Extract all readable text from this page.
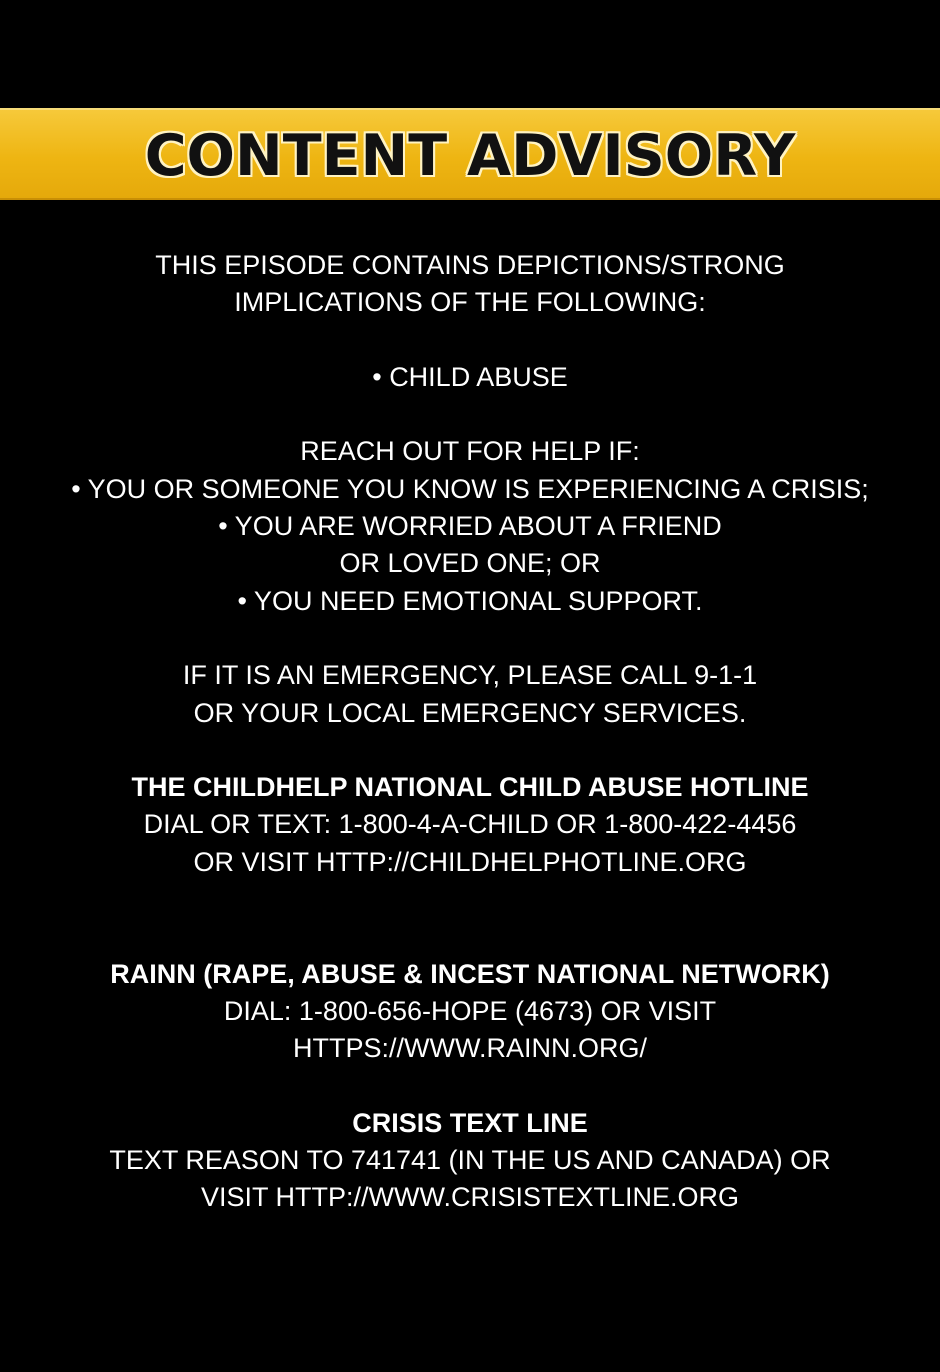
CONTENT ADVISORY
THIS EPISODE CONTAINS DEPICTIONS/STRONG
IMPLICATIONS OF THE FOLLOWING:
• CHILD ABUSE
REACH OUT FOR HELP IF:
• YOU OR SOMEONE YOU KNOW IS EXPERIENCING A CRISIS;
• YOU ARE WORRIED ABOUT A FRIEND
OR LOVED ONE; OR
• YOU NEED EMOTIONAL SUPPORT.
IF IT IS AN EMERGENCY, PLEASE CALL 9-1-1
OR YOUR LOCAL EMERGENCY SERVICES.
THE CHILDHELP NATIONAL CHILD ABUSE HOTLINE
DIAL OR TEXT: 1-800-4-A-CHILD OR 1-800-422-4456
OR VISIT HTTP://CHILDHELPHOTLINE.ORG
RAINN (RAPE, ABUSE & INCEST NATIONAL NETWORK)
DIAL: 1-800-656-HOPE (4673) OR VISIT
HTTPS://WWW.RAINN.ORG/
CRISIS TEXT LINE
TEXT REASON TO 741741 (IN THE US AND CANADA) OR
VISIT HTTP://WWW.CRISISTEXTLINE.ORG
